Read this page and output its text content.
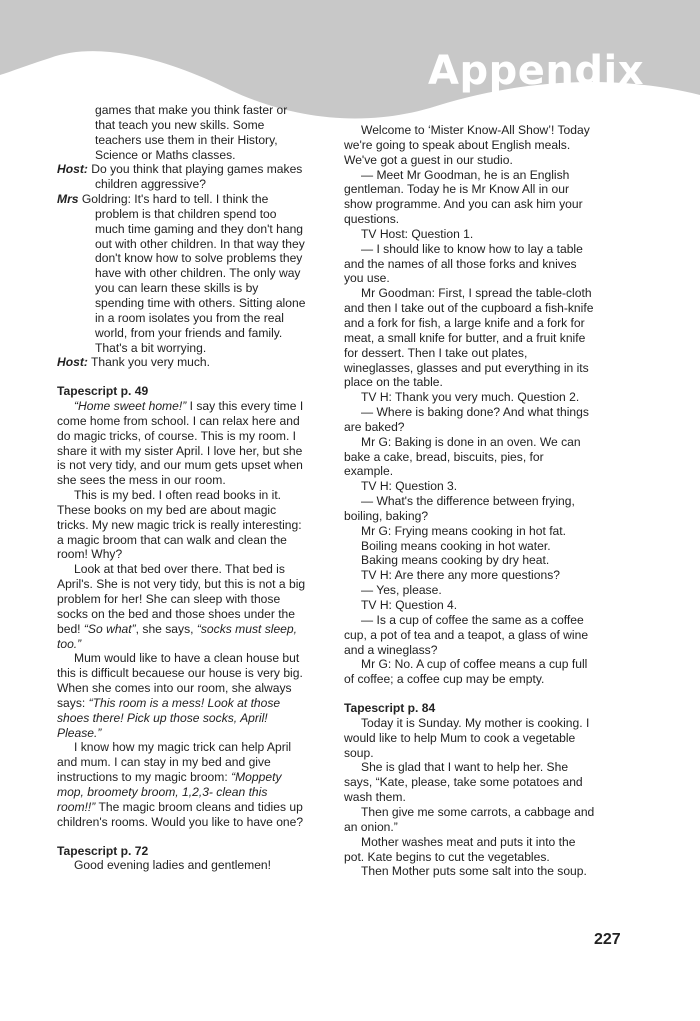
Appendix

games that make you think faster or that teach you new skills. Some teachers use them in their History, Science or Maths classes.

Host: Do you think that playing games makes children aggressive?

Mrs Goldring: It's hard to tell. I think the problem is that children spend too much time gaming and they don't hang out with other children. In that way they don't know how to solve problems they have with other children. The only way you can learn these skills is by spending time with others. Sitting alone in a room isolates you from the real world, from your friends and family. That's a bit worrying.

Host: Thank you very much.

Tapescript p. 49

“Home sweet home!” I say this every time I come home from school. I can relax here and do magic tricks, of course. This is my room. I share it with my sister April. I love her, but she is not very tidy, and our mum gets upset when she sees the mess in our room.

This is my bed. I often read books in it. These books on my bed are about magic tricks. My new magic trick is really interesting: a magic broom that can walk and clean the room! Why?

Look at that bed over there. That bed is April's. She is not very tidy, but this is not a big problem for her! She can sleep with those socks on the bed and those shoes under the bed! “So what”, she says, “socks must sleep, too.”

Mum would like to have a clean house but this is difficult becauese our house is very big. When she comes into our room, she always says: “This room is a mess! Look at those shoes there! Pick up those socks, April! Please.”

I know how my magic trick can help April and mum. I can stay in my bed and give instructions to my magic broom: “Moppety mop, broomety broom, 1,2,3- clean this room!!” The magic broom cleans and tidies up children's rooms. Would you like to have one?

Tapescript p. 72

Good evening ladies and gentlemen!

Welcome to ‘Mister Know-All Show’! Today we're going to speak about English meals. We've got a guest in our studio.

— Meet Mr Goodman, he is an English gentleman. Today he is Mr Know All in our show programme. And you can ask him your questions.

TV Host: Question 1.

— I should like to know how to lay a table and the names of all those forks and knives you use.

Mr Goodman: First, I spread the table-cloth and then I take out of the cupboard a fish-knife and a fork for fish, a large knife and a fork for meat, a small knife for butter, and a fruit knife for dessert. Then I take out plates, wineglasses, glasses and put everything in its place on the table.

TV H: Thank you very much. Question 2.

— Where is baking done? And what things are baked?

Mr G: Baking is done in an oven. We can bake a cake, bread, biscuits, pies, for example.

TV H: Question 3.

— What's the difference between frying, boiling, baking?

Mr G: Frying means cooking in hot fat.

Boiling means cooking in hot water.

Baking means cooking by dry heat.

TV H: Are there any more questions?

— Yes, please.

TV H: Question 4.

— Is a cup of coffee the same as a coffee cup, a pot of tea and a teapot, a glass of wine and a wineglass?

Mr G: No. A cup of coffee means a cup full of coffee; a coffee cup may be empty.

Tapescript p. 84

Today it is Sunday. My mother is cooking. I would like to help Mum to cook a vegetable soup.

She is glad that I want to help her. She says, “Kate, please, take some potatoes and wash them.

Then give me some carrots, a cabbage and an onion.”

Mother washes meat and puts it into the pot. Kate begins to cut the vegetables.

Then Mother puts some salt into the soup.

227
